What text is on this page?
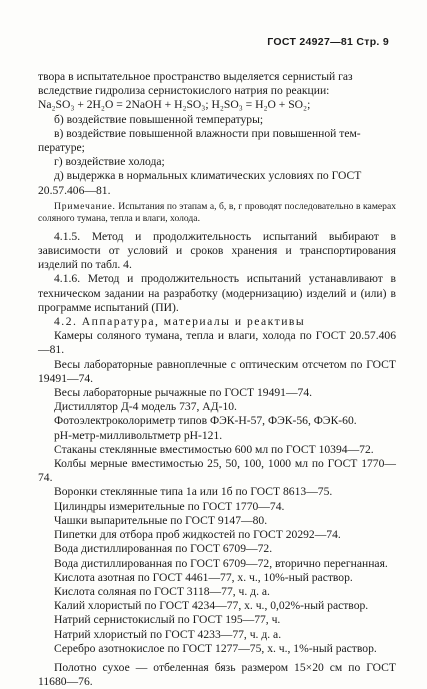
ГОСТ 24927—81 Стр. 9

твора в испытательное пространство выделяется сернистый газ

вследствие гидролиза сернистокислого натрия по реакции:

Na₂SO₃ + 2H₂O = 2NaOH + H₂SO₃; H₂SO₃ = H₂O + SO₂;

б) воздействие повышенной температуры;

в) воздействие повышенной влажности при повышенной тем-

пературе;

г) воздействие холода;

д) выдержка в нормальных климатических условиях по ГОСТ

20.57.406—81.

Примечание. Испытания по этапам а, б, в, г проводят последовательно в камерах соляного тумана, тепла и влаги, холода.

4.1.5. Метод и продолжительность испытаний выбирают в зависимости от условий и сроков хранения и транспортирования изделий по табл. 4.

4.1.6. Метод и продолжительность испытаний устанавливают в техническом задании на разработку (модернизацию) изделий и (или) в программе испытаний (ПИ).

4.2. Аппаратура, материалы и реактивы

Камеры соляного тумана, тепла и влаги, холода по ГОСТ 20.57.406—81.

Весы лабораторные равноплечные с оптическим отсчетом по ГОСТ 19491—74.

Весы лабораторные рычажные по ГОСТ 19491—74.

Дистиллятор Д-4 модель 737, АД-10.

Фотоэлектроколориметр типов ФЭК-Н-57, ФЭК-56, ФЭК-60.

рН-метр-милливольтметр рН-121.

Стаканы стеклянные вместимостью 600 мл по ГОСТ 10394—72.

Колбы мерные вместимостью 25, 50, 100, 1000 мл по ГОСТ 1770—74.

Воронки стеклянные типа 1а или 1б по ГОСТ 8613—75.

Цилиндры измерительные по ГОСТ 1770—74.

Чашки выпарительные по ГОСТ 9147—80.

Пипетки для отбора проб жидкостей по ГОСТ 20292—74.

Вода дистиллированная по ГОСТ 6709—72.

Вода дистиллированная по ГОСТ 6709—72, вторично перегнанная.

Кислота азотная по ГОСТ 4461—77, х. ч., 10%-ный раствор.

Кислота соляная по ГОСТ 3118—77, ч. д. а.

Калий хлористый по ГОСТ 4234—77, х. ч., 0,02%-ный раствор.

Натрий сернистокислый по ГОСТ 195—77, ч.

Натрий хлористый по ГОСТ 4233—77, ч. д. а.

Серебро азотнокислое по ГОСТ 1277—75, х. ч., 1%-ный раствор.

Полотно сухое — отбеленная бязь размером 15×20 см по ГОСТ 11680—76.
